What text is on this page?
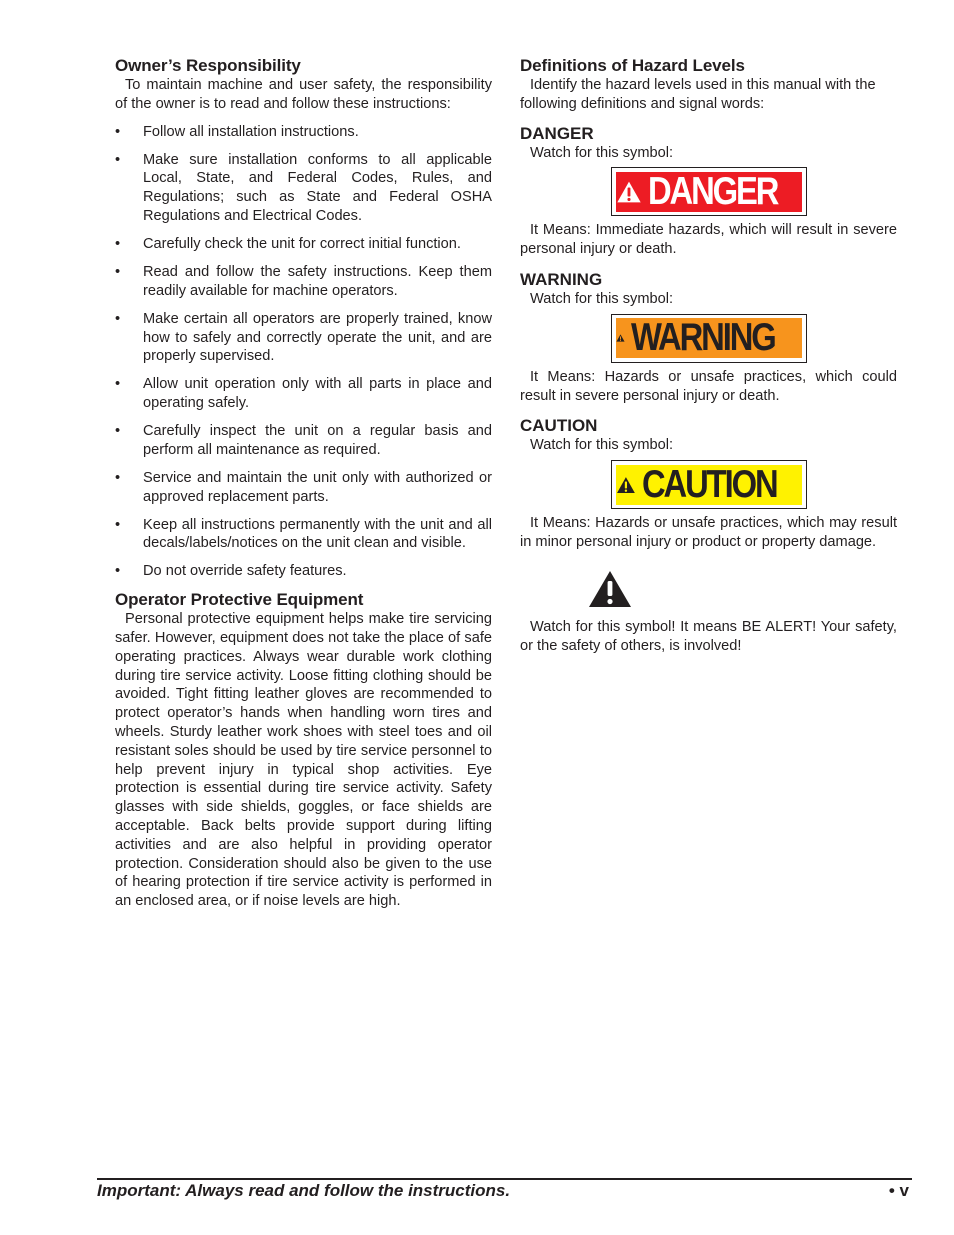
Owner’s Responsibility

To maintain machine and user safety, the responsibility of the owner is to read and follow these instructions:

• Follow all installation instructions.
• Make sure installation conforms to all applicable Local, State, and Federal Codes, Rules, and Regulations; such as State and Federal OSHA Regulations and Electrical Codes.
• Carefully check the unit for correct initial function.
• Read and follow the safety instructions. Keep them readily available for machine operators.
• Make certain all operators are properly trained, know how to safely and correctly operate the unit, and are properly supervised.
• Allow unit operation only with all parts in place and operating safely.
• Carefully inspect the unit on a regular basis and perform all maintenance as required.
• Service and maintain the unit only with authorized or approved replacement parts.
• Keep all instructions permanently with the unit and all decals/labels/notices on the unit clean and visible.
• Do not override safety features.
Operator Protective Equipment

Personal protective equipment helps make tire servicing safer. However, equipment does not take the place of safe operating practices. Always wear durable work clothing during tire service activity. Loose fitting clothing should be avoided. Tight fitting leather gloves are recommended to protect operator’s hands when handling worn tires and wheels. Sturdy leather work shoes with steel toes and oil resistant soles should be used by tire service personnel to help prevent injury in typical shop activities. Eye protection is essential during tire service activity. Safety glasses with side shields, goggles, or face shields are acceptable. Back belts provide support during lifting activities and are also helpful in providing operator protection. Consideration should also be given to the use of hearing protection if tire service activity is performed in an enclosed area, or if noise levels are high.

Definitions of Hazard Levels

Identify the hazard levels used in this manual with the following definitions and signal words:

DANGER

Watch for this symbol:

DANGER

It Means: Immediate hazards, which will result in severe personal injury or death.

WARNING

Watch for this symbol:

WARNING

It Means: Hazards or unsafe practices, which could result in severe personal injury or death.

CAUTION

Watch for this symbol:

CAUTION

It Means: Hazards or unsafe practices, which may result in minor personal injury or product or property damage.

Watch for this symbol! It means BE ALERT! Your safety, or the safety of others, is involved!

Important: Always read and follow the instructions.	• v
